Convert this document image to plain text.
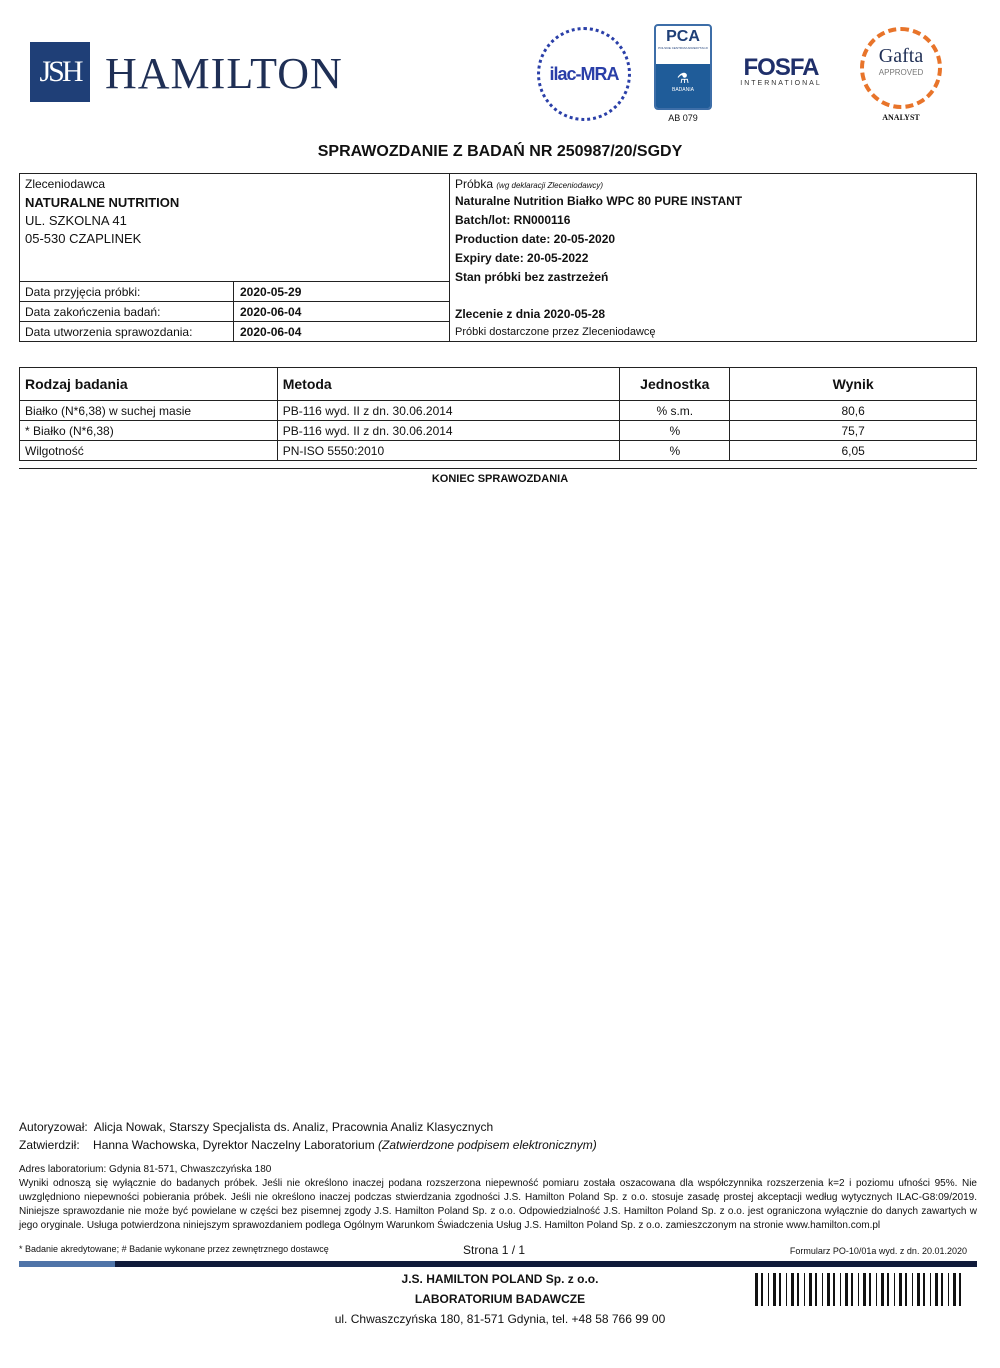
JSH HAMILTON	ilac-MRA
PCA
POLSKIE CENTRUM AKREDYTACJI
⚗
BADANIA
AB 079
FOSFA
INTERNATIONAL
Gafta
APPROVED
ANALYST
SPRAWOZDANIE Z BADAŃ NR 250987/20/SGDY
Zleceniodawca
NATURALNE NUTRITION
UL. SZKOLNA 41
05-530 CZAPLINEK
Data przyjęcia próbki:	2020-05-29
Data zakończenia badań:	2020-06-04
Data utworzenia sprawozdania:	2020-06-04
Próbka (wg deklaracji Zleceniodawcy)
Naturalne Nutrition Białko WPC 80 PURE INSTANT
Batch/lot: RN000116
Production date: 20-05-2020
Expiry date: 20-05-2022
Stan próbki bez zastrzeżeń
Zlecenie z dnia 2020-05-28
Próbki dostarczone przez Zleceniodawcę
Rodzaj badania	Metoda	Jednostka	Wynik
Białko (N*6,38) w suchej masie	PB-116 wyd. II z dn. 30.06.2014	% s.m.	80,6
* Białko (N*6,38)	PB-116 wyd. II z dn. 30.06.2014	%	75,7
Wilgotność	PN-ISO 5550:2010	%	6,05
KONIEC SPRAWOZDANIA
Autoryzował: Alicja Nowak, Starszy Specjalista ds. Analiz, Pracownia Analiz Klasycznych
Zatwierdził: Hanna Wachowska, Dyrektor Naczelny Laboratorium (Zatwierdzone podpisem elektronicznym)
Adres laboratorium: Gdynia 81-571, Chwaszczyńska 180
Wyniki odnoszą się wyłącznie do badanych próbek. Jeśli nie określono inaczej podana rozszerzona niepewność pomiaru została oszacowana dla współczynnika rozszerzenia k=2 i poziomu ufności 95%. Nie uwzględniono niepewności pobierania próbek. Jeśli nie określono inaczej podczas stwierdzania zgodności J.S. Hamilton Poland Sp. z o.o. stosuje zasadę prostej akceptacji według wytycznych ILAC-G8:09/2019. Niniejsze sprawozdanie nie może być powielane w części bez pisemnej zgody J.S. Hamilton Poland Sp. z o.o. Odpowiedzialność J.S. Hamilton Poland Sp. z o.o. jest ograniczona wyłącznie do danych zawartych w jego oryginale. Usługa potwierdzona niniejszym sprawozdaniem podlega Ogólnym Warunkom Świadczenia Usług J.S. Hamilton Poland Sp. z o.o. zamieszczonym na stronie www.hamilton.com.pl
* Badanie akredytowane; # Badanie wykonane przez zewnętrznego dostawcę	Strona 1 / 1	Formularz PO-10/01a wyd. z dn. 20.01.2020
J.S. HAMILTON POLAND Sp. z o.o.
LABORATORIUM BADAWCZE
ul. Chwaszczyńska 180, 81-571 Gdynia, tel. +48 58 766 99 00
